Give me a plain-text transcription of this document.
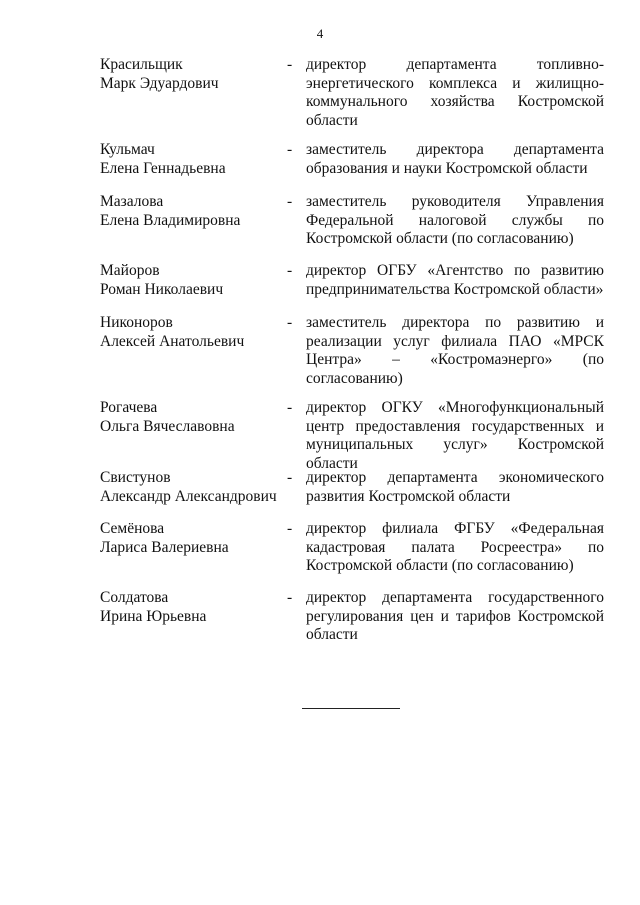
4
Красильщик
Марк Эдуардович
- директор департамента топливно-энергетического комплекса и жилищно-коммунального хозяйства Костромской области
Кульмач
Елена Геннадьевна
- заместитель директора департамента образования и науки Костромской области
Мазалова
Елена Владимировна
- заместитель руководителя Управления Федеральной налоговой службы по Костромской области (по согласованию)
Майоров
Роман Николаевич
- директор ОГБУ «Агентство по развитию предпринимательства Костромской области»
Никоноров
Алексей Анатольевич
- заместитель директора по развитию и реализации услуг филиала ПАО «МРСК Центра» – «Костромаэнерго» (по согласованию)
Рогачева
Ольга Вячеславовна
- директор ОГКУ «Многофункциональный центр предоставления государственных и муниципальных услуг» Костромской области
Свистунов
Александр Александрович
- директор департамента экономического развития Костромской области
Семёнова
Лариса Валериевна
- директор филиала ФГБУ «Федеральная кадастровая палата Росреестра» по Костромской области (по согласованию)
Солдатова
Ирина Юрьевна
- директор департамента государственного регулирования цен и тарифов Костромской области
